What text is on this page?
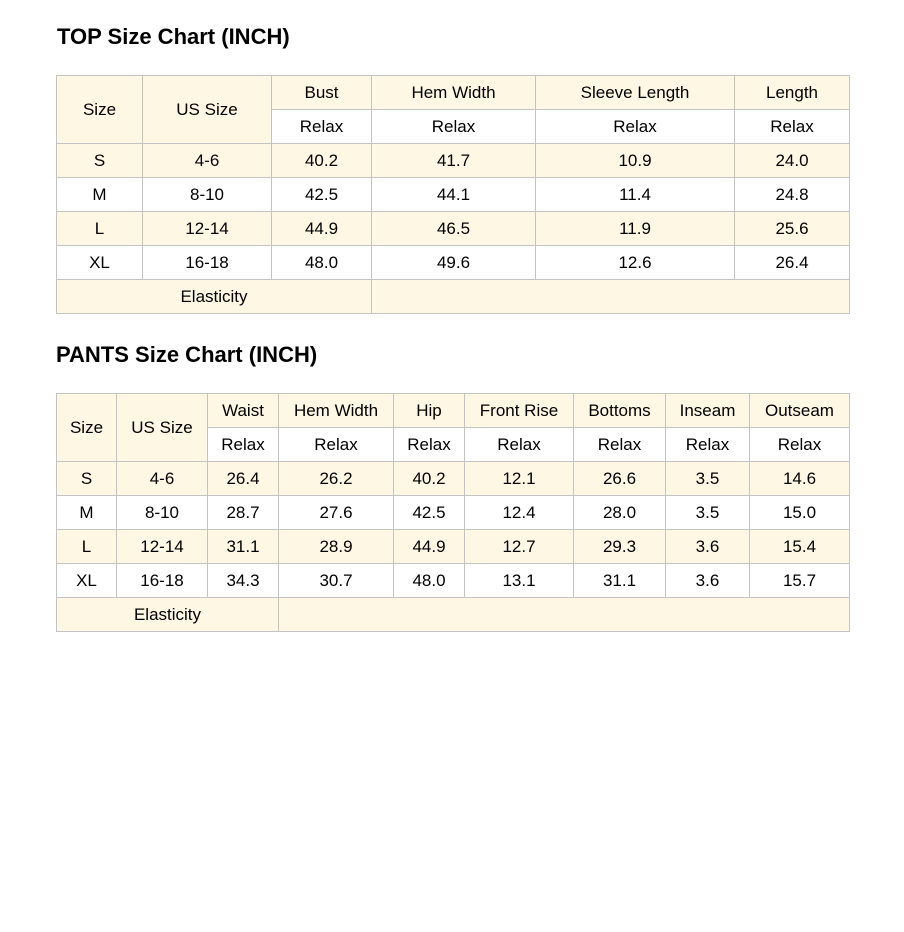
TOP Size Chart (INCH)
Size	US Size	Bust	Hem Width	Sleeve Length	Length
		Relax	Relax	Relax	Relax
S	4-6	40.2	41.7	10.9	24.0
M	8-10	42.5	44.1	11.4	24.8
L	12-14	44.9	46.5	11.9	25.6
XL	16-18	48.0	49.6	12.6	26.4
Elasticity					
PANTS Size Chart (INCH)
Size	US Size	Waist	Hem Width	Hip	Front Rise	Bottoms	Inseam	Outseam
		Relax	Relax	Relax	Relax	Relax	Relax	Relax
S	4-6	26.4	26.2	40.2	12.1	26.6	3.5	14.6
M	8-10	28.7	27.6	42.5	12.4	28.0	3.5	15.0
L	12-14	31.1	28.9	44.9	12.7	29.3	3.6	15.4
XL	16-18	34.3	30.7	48.0	13.1	31.1	3.6	15.7
Elasticity								
